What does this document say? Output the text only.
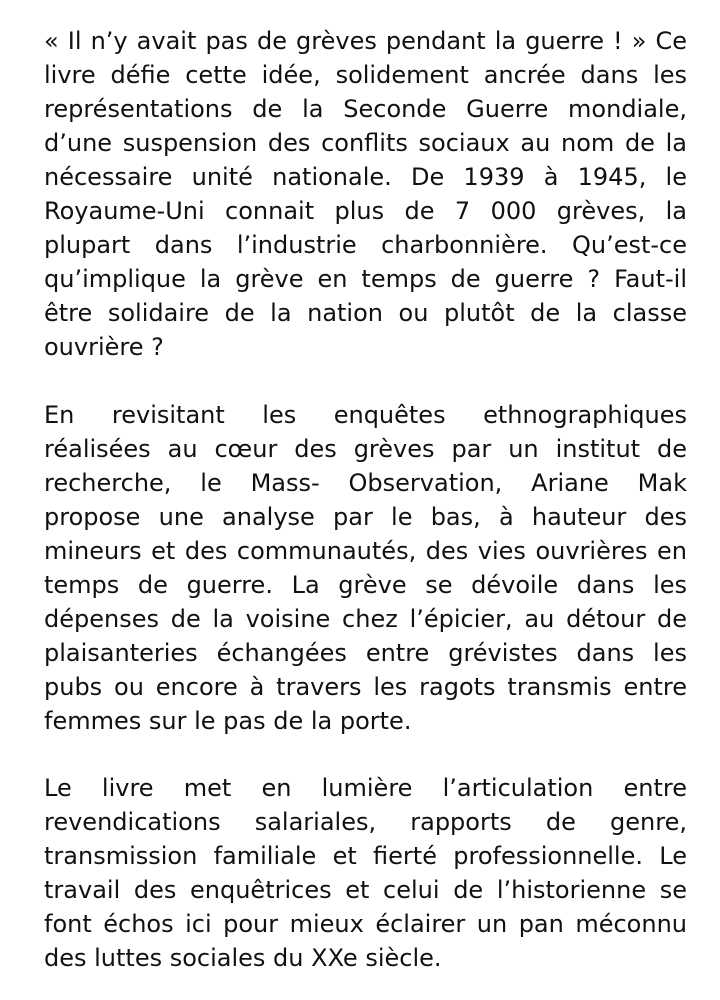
« Il n’y avait pas de grèves pendant la guerre ! » Ce
livre défie cette idée, solidement ancrée dans les
représentations de la Seconde Guerre mondiale,
d’une suspension des conflits sociaux au nom de la
nécessaire unité nationale. De 1939 à 1945, le
Royaume-Uni connait plus de 7 000 grèves, la
plupart dans l’industrie charbonnière. Qu’est-ce
qu’implique la grève en temps de guerre ? Faut-il
être solidaire de la nation ou plutôt de la classe
ouvrière ?

En revisitant les enquêtes ethnographiques
réalisées au cœur des grèves par un institut de
recherche, le Mass- Observation, Ariane Mak
propose une analyse par le bas, à hauteur des
mineurs et des communautés, des vies ouvrières en
temps de guerre. La grève se dévoile dans les
dépenses de la voisine chez l’épicier, au détour de
plaisanteries échangées entre grévistes dans les
pubs ou encore à travers les ragots transmis entre
femmes sur le pas de la porte.

Le livre met en lumière l’articulation entre
revendications salariales, rapports de genre,
transmission familiale et fierté professionnelle. Le
travail des enquêtrices et celui de l’historienne se
font échos ici pour mieux éclairer un pan méconnu
des luttes sociales du XXe siècle.
